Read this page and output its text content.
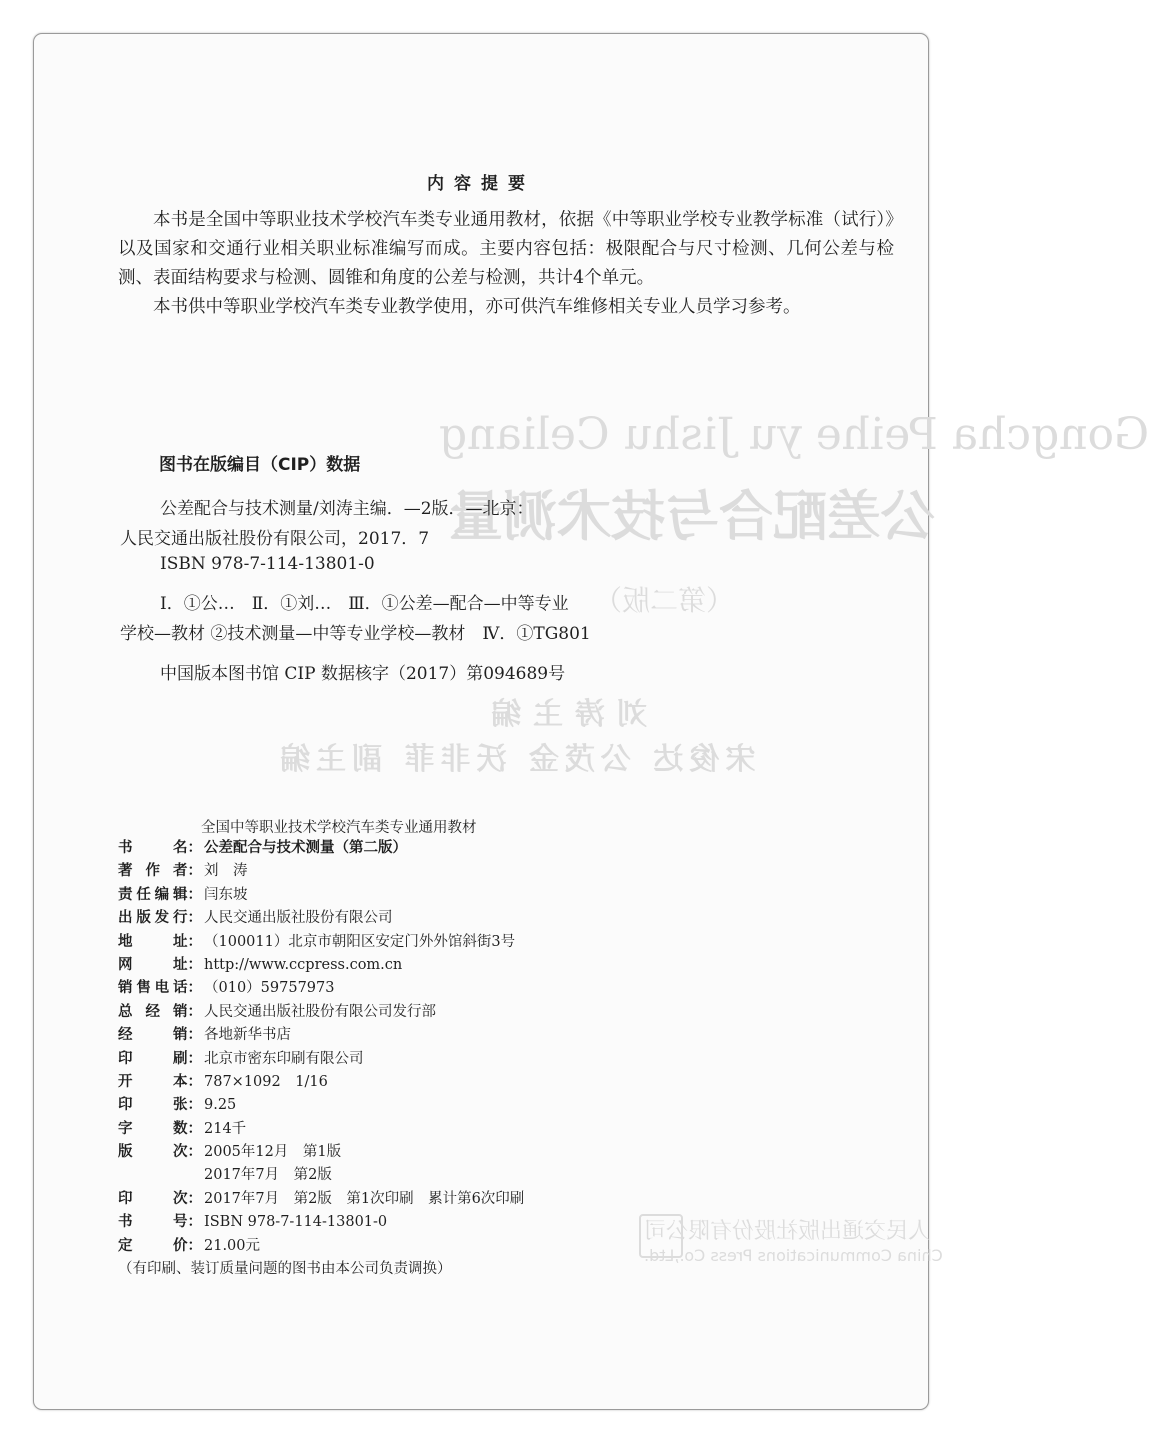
Gongcha Peihe yu Jishu Celiang
公差配合与技术测量
（第二版）
刘涛主编
宋俊达 公茂金 沃非菲 副主编
人民交通出版社股份有限公司
China Communications Press Co.,Ltd.
内容提要

本书是全国中等职业技术学校汽车类专业通用教材，依据《中等职业学校专业教学标准（试行）》以及国家和交通行业相关职业标准编写而成。主要内容包括：极限配合与尺寸检测、几何公差与检测、表面结构要求与检测、圆锥和角度的公差与检测，共计4个单元。

本书供中等职业学校汽车类专业教学使用，亦可供汽车维修相关专业人员学习参考。

图书在版编目（CIP）数据
公差配合与技术测量/刘涛主编．—2版．—北京：
人民交通出版社股份有限公司，2017．7
ISBN 978-7-114-13801-0
Ⅰ．①公…　Ⅱ．①刘…　Ⅲ．①公差—配合—中等专业
学校—教材 ②技术测量—中等专业学校—教材　Ⅳ．①TG801
中国版本图书馆 CIP 数据核字（2017）第094689号
全国中等职业技术学校汽车类专业通用教材
书	名： 公差配合与技术测量（第二版）
著 作 者： 刘　涛
责 任 编 辑： 闫东坡
出 版 发 行： 人民交通出版社股份有限公司
地	址： （100011）北京市朝阳区安定门外外馆斜街3号
网	址： http://www.ccpress.com.cn
销 售 电 话： （010）59757973
总 经 销： 人民交通出版社股份有限公司发行部
经	销： 各地新华书店
印	刷： 北京市密东印刷有限公司
开	本： 787×1092　1/16
印	张： 9.25
字	数： 214千
版	次： 2005年12月　第1版
2017年7月　第2版
印	次： 2017年7月　第2版　第1次印刷　累计第6次印刷
书	号： ISBN 978-7-114-13801-0
定	价： 21.00元
（有印刷、装订质量问题的图书由本公司负责调换）
